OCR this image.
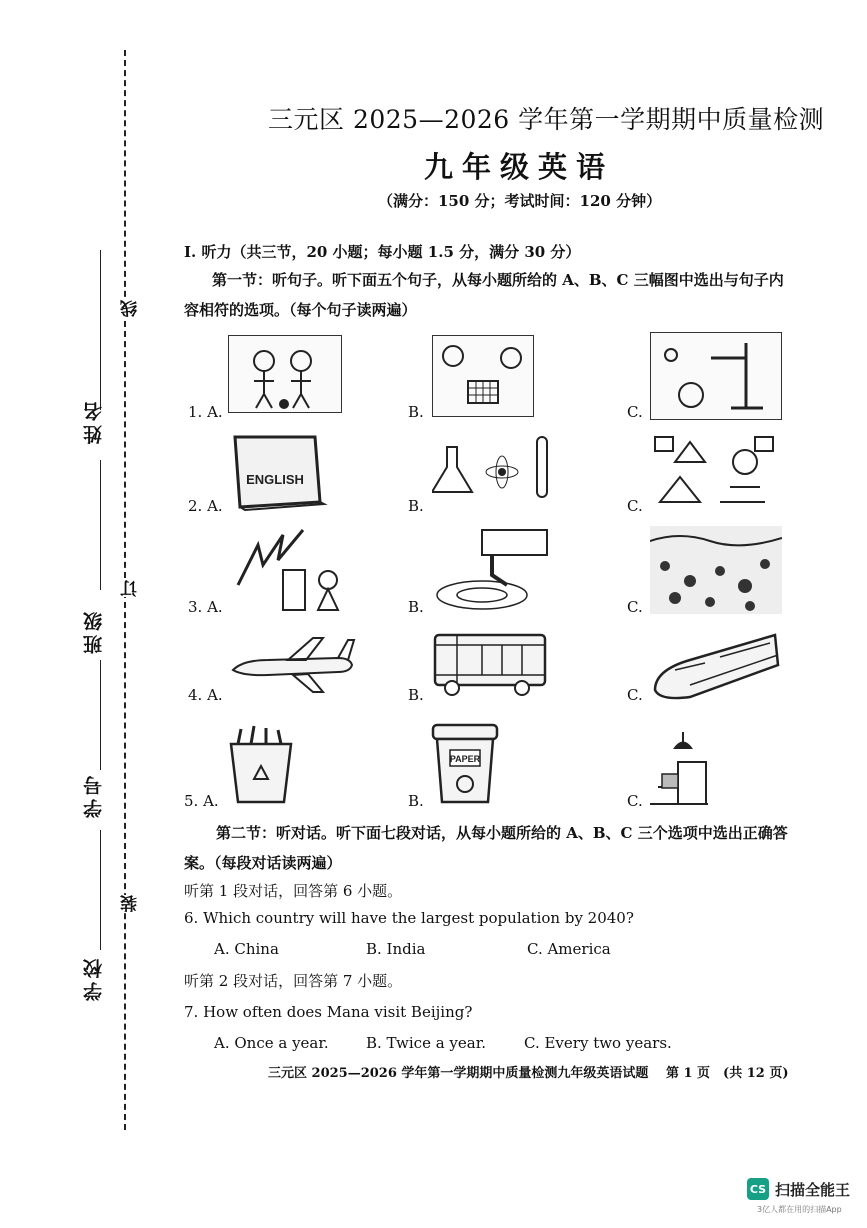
姓名
班级
学号
学校
线
订
装
三元区 2025—2026 学年第一学期期中质量检测
九年级英语
（满分：150 分；考试时间：120 分钟）
I. 听力（共三节，20 小题；每小题 1.5 分，满分 30 分）
第一节：听句子。听下面五个句子，从每小题所给的 A、B、C 三幅图中选出与句子内
容相符的选项。（每个句子读两遍）
1. A.	B.	C.
2. A.
ENGLISH
B.	C.
3. A.	B.	C.
4. A.	B.	C.
5. A.	B.
PAPER
C.
第二节：听对话。听下面七段对话，从每小题所给的 A、B、C 三个选项中选出正确答
案。（每段对话读两遍）
听第 1 段对话，回答第 6 小题。
6. Which country will have the largest population by 2040?
A. China	B. India	C. America
听第 2 段对话，回答第 7 小题。
7. How often does Mana visit Beijing?
A. Once a year. B. Twice a year.	C. Every two years.
三元区 2025—2026 学年第一学期期中质量检测九年级英语试题　 第 1 页　(共 12 页)
CS 扫描全能王
3亿人都在用的扫描App
